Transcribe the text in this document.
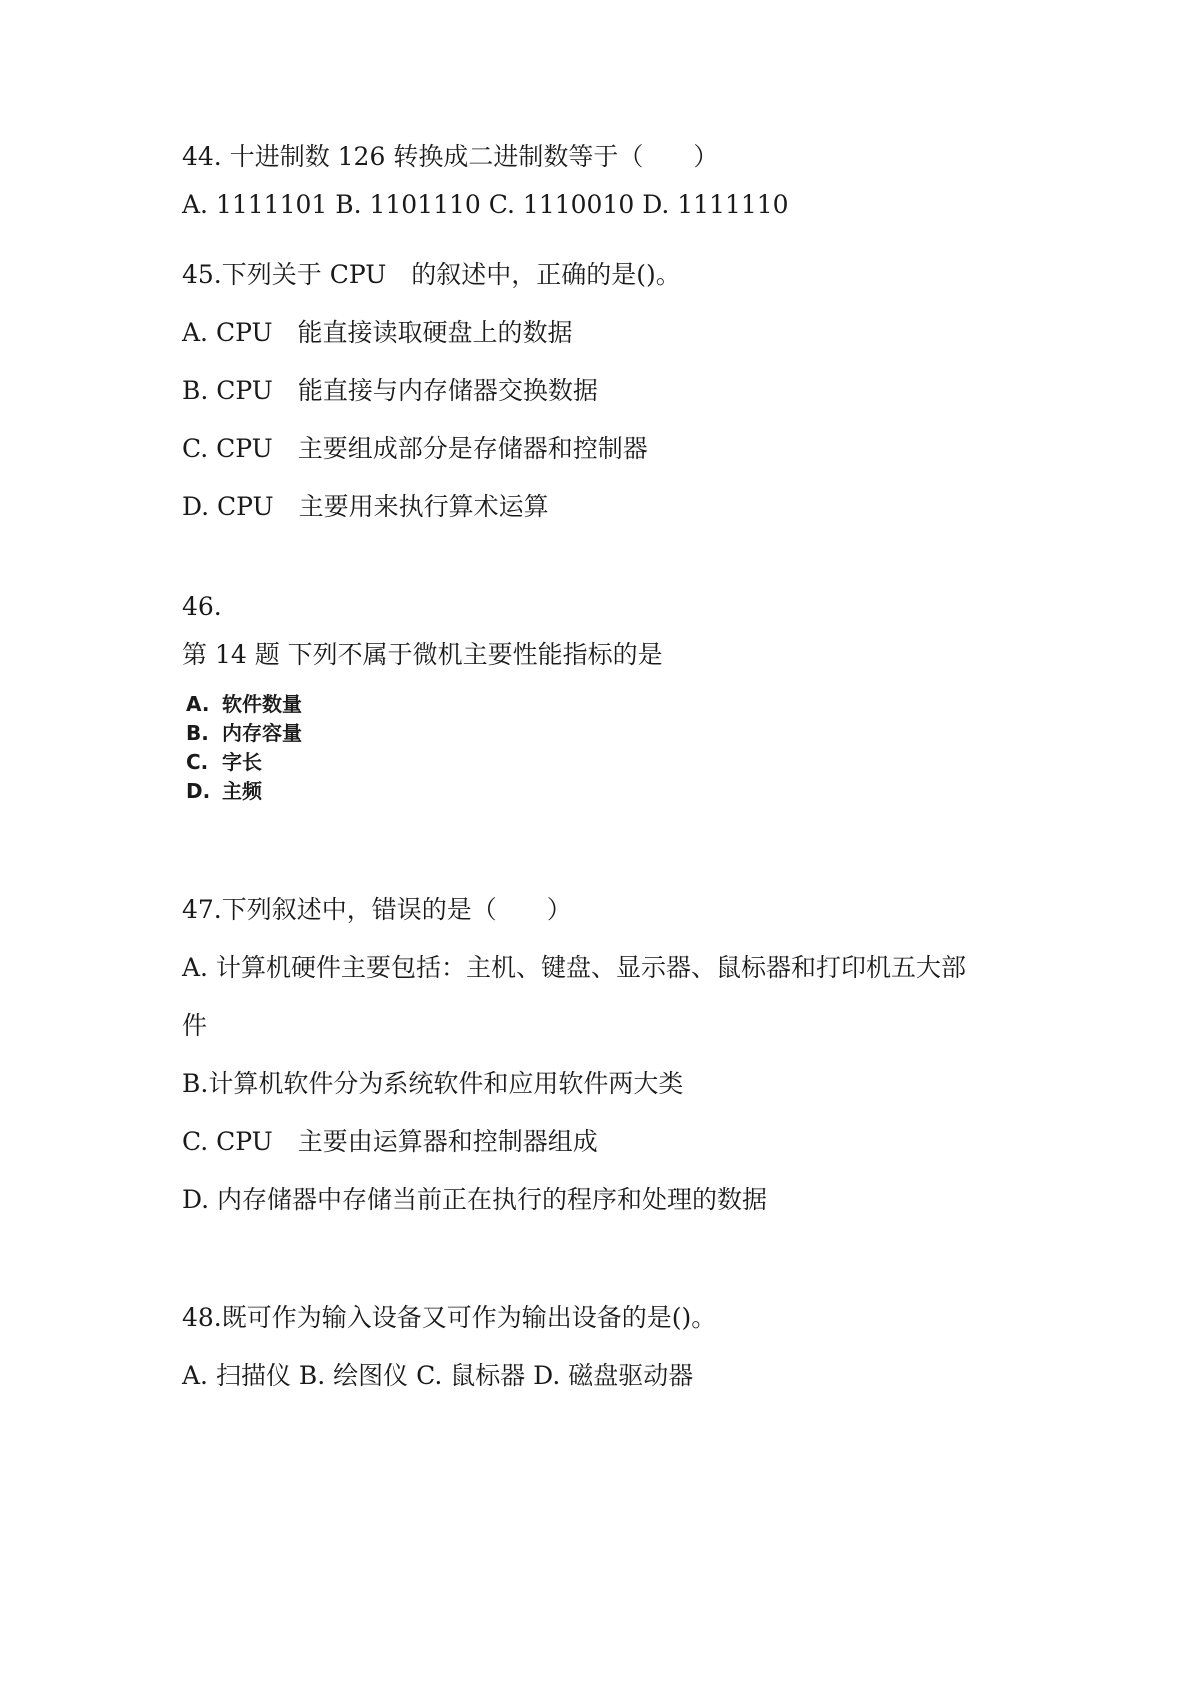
44. 十进制数 126 转换成二进制数等于（　　）
A. 1111101 B. 1101110 C. 1110010 D. 1111110
45.下列关于 CPU　的叙述中，正确的是()。
A. CPU　能直接读取硬盘上的数据
B. CPU　能直接与内存储器交换数据
C. CPU　主要组成部分是存储器和控制器
D. CPU　主要用来执行算术运算
46.
第 14 题 下列不属于微机主要性能指标的是
A. 软件数量
B. 内存容量
C. 字长
D. 主频
47.下列叙述中，错误的是（　　）
A. 计算机硬件主要包括：主机、键盘、显示器、鼠标器和打印机五大部
件
B.计算机软件分为系统软件和应用软件两大类
C. CPU　主要由运算器和控制器组成
D. 内存储器中存储当前正在执行的程序和处理的数据
48.既可作为输入设备又可作为输出设备的是()。
A. 扫描仪 B. 绘图仪 C. 鼠标器 D. 磁盘驱动器
